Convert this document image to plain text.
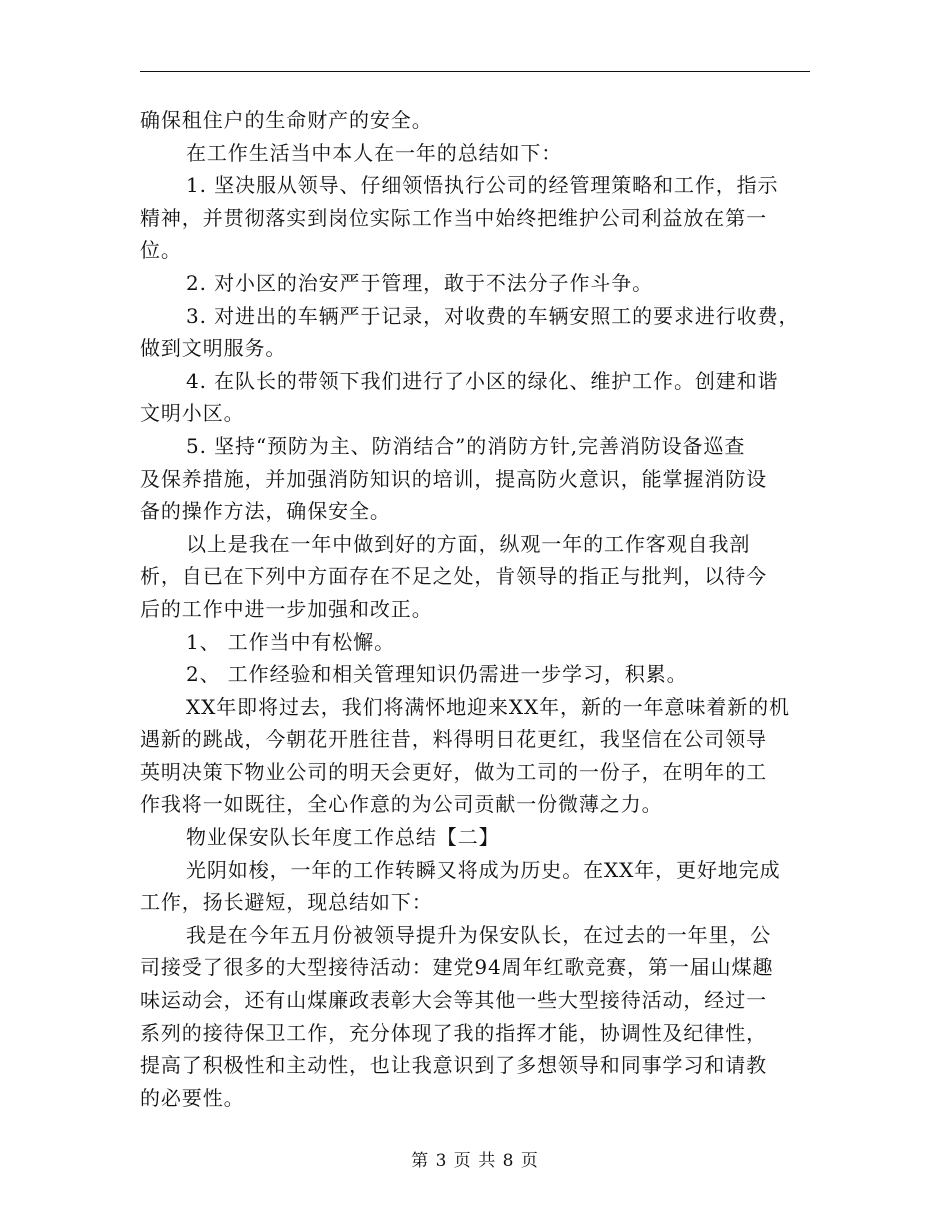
确保租住户的生命财产的安全。
在工作生活当中本人在一年的总结如下：
1. 坚决服从领导、仔细领悟执行公司的经管理策略和工作，指示
精神，并贯彻落实到岗位实际工作当中始终把维护公司利益放在第一
位。
2. 对小区的治安严于管理，敢于不法分子作斗争。
3. 对进出的车辆严于记录，对收费的车辆安照工的要求进行收费，
做到文明服务。
4. 在队长的带领下我们进行了小区的绿化、维护工作。创建和谐
文明小区。
5. 坚持“预防为主、防消结合”的消防方针,完善消防设备巡查
及保养措施，并加强消防知识的培训，提高防火意识，能掌握消防设
备的操作方法，确保安全。
以上是我在一年中做到好的方面，纵观一年的工作客观自我剖
析，自已在下列中方面存在不足之处，肯领导的指正与批判，以待今
后的工作中进一步加强和改正。
1、 工作当中有松懈。
2、 工作经验和相关管理知识仍需进一步学习，积累。
XX年即将过去，我们将满怀地迎来XX年，新的一年意味着新的机
遇新的跳战，今朝花开胜往昔，料得明日花更红，我坚信在公司领导
英明决策下物业公司的明天会更好，做为工司的一份子，在明年的工
作我将一如既往，全心作意的为公司贡献一份微薄之力。
物业保安队长年度工作总结【二】
光阴如梭，一年的工作转瞬又将成为历史。在XX年，更好地完成
工作，扬长避短，现总结如下：
我是在今年五月份被领导提升为保安队长，在过去的一年里，公
司接受了很多的大型接待活动：建党94周年红歌竞赛，第一届山煤趣
味运动会，还有山煤廉政表彰大会等其他一些大型接待活动，经过一
系列的接待保卫工作，充分体现了我的指挥才能，协调性及纪律性，
提高了积极性和主动性，也让我意识到了多想领导和同事学习和请教
的必要性。
第 3 页 共 8 页
